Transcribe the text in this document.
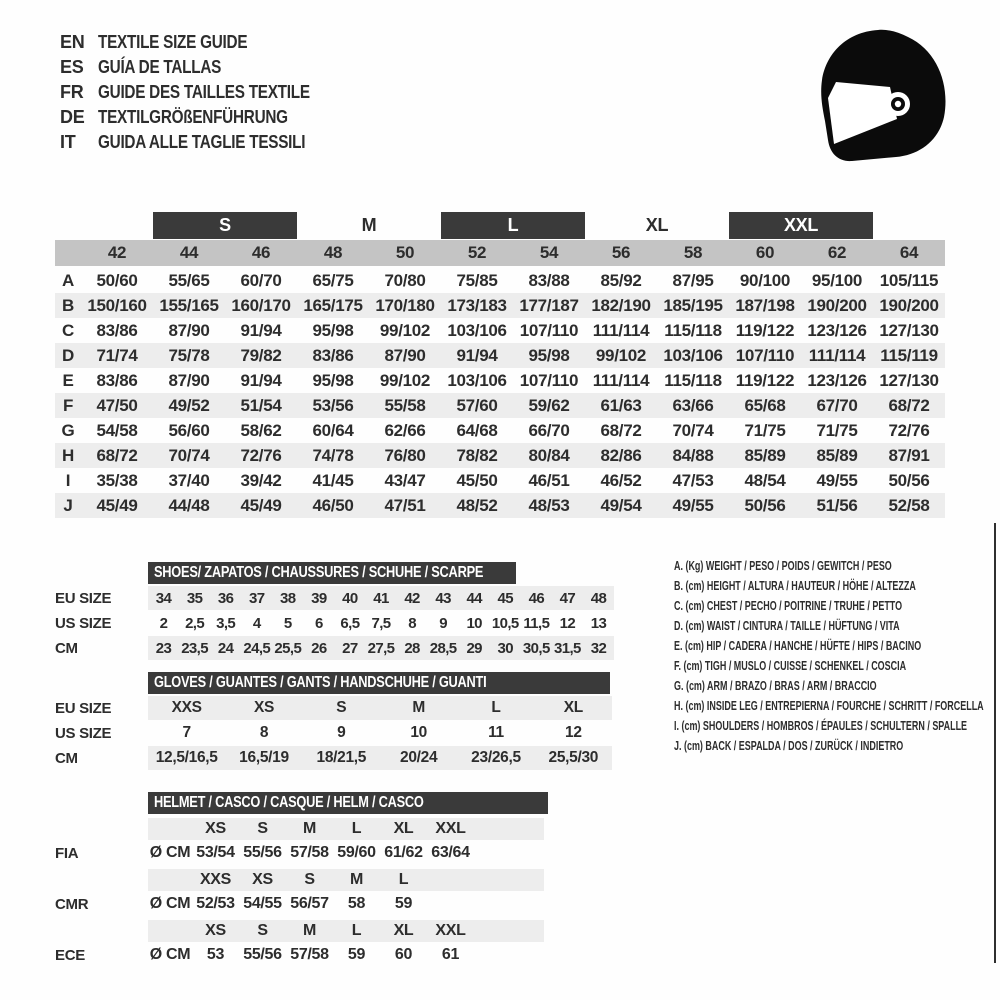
EN TEXTILE SIZE GUIDE
ES GUÍA DE TALLAS
FR GUIDE DES TAILLES TEXTILE
DE TEXTILGRÖßENFÜHRUNG
IT	GUIDA ALLE TAGLIE TESSILI
S	M	L	XL	XXL
42	44	46	48	50	52	54	56	58	60	62	64
A	50/60	55/65	60/70	65/75	70/80	75/85	83/88	85/92	87/95	90/100	95/100	105/115
B 150/160 155/165 160/170 165/175 170/180 173/183 177/187 182/190 185/195 187/198 190/200 190/200
C	83/86	87/90	91/94	95/98	99/102	103/106 107/110 111/114 115/118 119/122 123/126 127/130
D	71/74	75/78	79/82	83/86	87/90	91/94	95/98	99/102	103/106 107/110 111/114 115/119
E	83/86	87/90	91/94	95/98	99/102	103/106 107/110 111/114 115/118 119/122 123/126 127/130
F	47/50	49/52	51/54	53/56	55/58	57/60	59/62	61/63	63/66	65/68	67/70	68/72
G	54/58	56/60	58/62	60/64	62/66	64/68	66/70	68/72	70/74	71/75	71/75	72/76
H	68/72	70/74	72/76	74/78	76/80	78/82	80/84	82/86	84/88	85/89	85/89	87/91
I	35/38	37/40	39/42	41/45	43/47	45/50	46/51	46/52	47/53	48/54	49/55	50/56
J	45/49	44/48	45/49	46/50	47/51	48/52	48/53	49/54	49/55	50/56	51/56	52/58
SHOES/ ZAPATOS / CHAUSSURES / SCHUHE / SCARPE
EU SIZE	34	35	36	37	38	39	40	41	42	43	44	45	46	47	48
US SIZE	2	2,5 3,5	4	5	6	6,5 7,5	8	9	10 10,5 11,5 12	13
CM	23 23,5 24 24,5 25,5 26	27 27,5 28 28,5 29	30 30,5 31,5 32
GLOVES / GUANTES / GANTS / HANDSCHUHE / GUANTI
EU SIZE	XXS	XS	S	M	L	XL
US SIZE	7	8	9	10	11	12
CM	12,5/16,5	16,5/19	18/21,5	20/24	23/26,5	25,5/30
HELMET / CASCO / CASQUE / HELM / CASCO
XS	S	M	L	XL	XXL
FIA	Ø CM 53/54 55/56 57/58 59/60 61/62 63/64
XXS	XS	S	M	L
CMR	Ø CM 52/53 54/55 56/57	58	59
XS	S	M	L	XL	XXL
ECE	Ø CM	53	55/56 57/58	59	60	61
A. (Kg) WEIGHT / PESO / POIDS / GEWITCH / PESO
B. (cm) HEIGHT / ALTURA / HAUTEUR / HÖHE / ALTEZZA
C. (cm) CHEST / PECHO / POITRINE / TRUHE / PETTO
D. (cm) WAIST / CINTURA / TAILLE / HÜFTUNG / VITA
E. (cm) HIP / CADERA / HANCHE / HÜFTE / HIPS / BACINO
F. (cm) TIGH / MUSLO / CUISSE / SCHENKEL / COSCIA
G. (cm) ARM / BRAZO / BRAS / ARM / BRACCIO
H. (cm) INSIDE LEG / ENTREPIERNA / FOURCHE / SCHRITT / FORCELLA
I. (cm) SHOULDERS / HOMBROS / ÉPAULES / SCHULTERN / SPALLE
J. (cm) BACK / ESPALDA / DOS / ZURÜCK / INDIETRO
